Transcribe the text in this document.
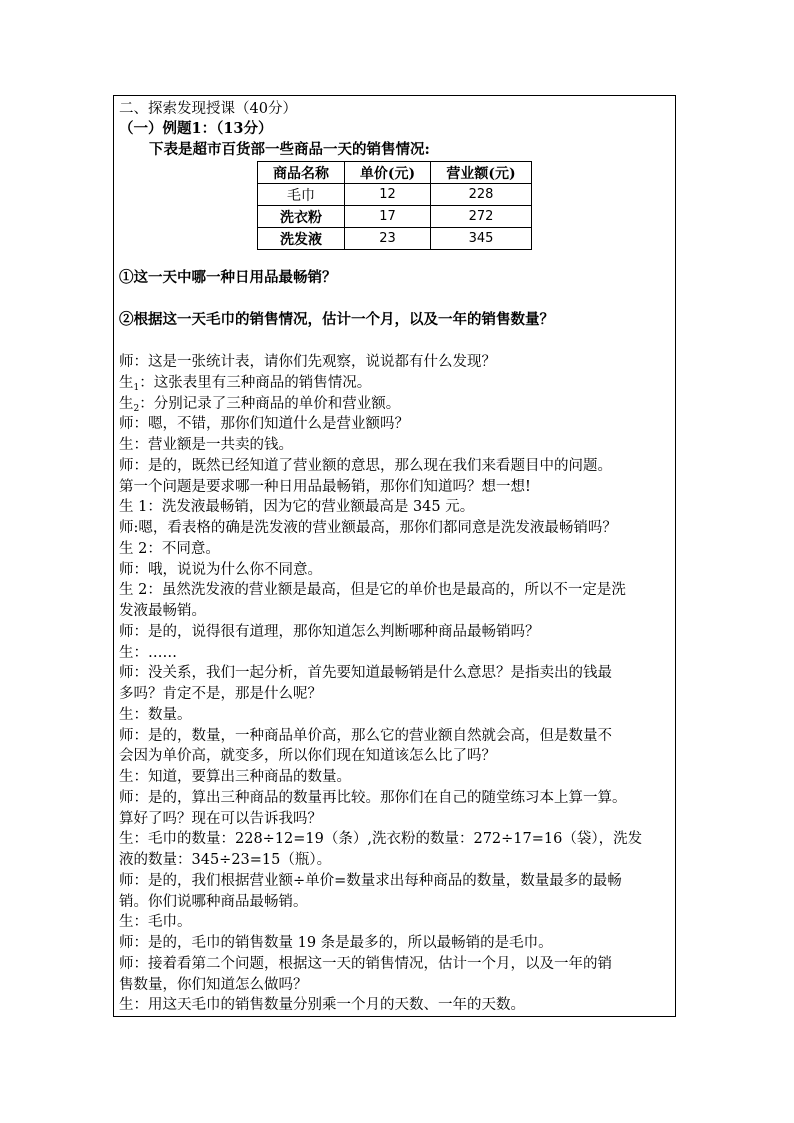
二、探索发现授课（40分）
（一）例题1：（13分）
下表是超市百货部一些商品一天的销售情况:
商品名称	单价(元)	营业额(元)
毛巾	12	228
洗衣粉	17	272
洗发液	23	345
①这一天中哪一种日用品最畅销？
②根据这一天毛巾的销售情况，估计一个月，以及一年的销售数量？
师：这是一张统计表，请你们先观察，说说都有什么发现？
生$_1$：这张表里有三种商品的销售情况。
生$_2$：分别记录了三种商品的单价和营业额。
师：嗯，不错，那你们知道什么是营业额吗？
生：营业额是一共卖的钱。
师：是的，既然已经知道了营业额的意思，那么现在我们来看题目中的问题。
第一个问题是要求哪一种日用品最畅销，那你们知道吗？想一想!
生 1：洗发液最畅销，因为它的营业额最高是 345 元。
师:嗯，看表格的确是洗发液的营业额最高，那你们都同意是洗发液最畅销吗？
生 2：不同意。
师：哦，说说为什么你不同意。
生 2：虽然洗发液的营业额是最高，但是它的单价也是最高的，所以不一定是洗
发液最畅销。
师：是的，说得很有道理，那你知道怎么判断哪种商品最畅销吗？
生：……
师：没关系，我们一起分析，首先要知道最畅销是什么意思？是指卖出的钱最
多吗？肯定不是，那是什么呢？
生：数量。
师：是的，数量，一种商品单价高，那么它的营业额自然就会高，但是数量不
会因为单价高，就变多，所以你们现在知道该怎么比了吗？
生：知道，要算出三种商品的数量。
师：是的，算出三种商品的数量再比较。那你们在自己的随堂练习本上算一算。
算好了吗？现在可以告诉我吗？
生：毛巾的数量：228÷12=19（条）,洗衣粉的数量：272÷17=16（袋），洗发
液的数量：345÷23=15（瓶）。
师：是的，我们根据营业额÷单价=数量求出每种商品的数量，数量最多的最畅
销。你们说哪种商品最畅销。
生：毛巾。
师：是的，毛巾的销售数量 19 条是最多的，所以最畅销的是毛巾。
师：接着看第二个问题，根据这一天的销售情况，估计一个月，以及一年的销
售数量，你们知道怎么做吗？
生：用这天毛巾的销售数量分别乘一个月的天数、一年的天数。
